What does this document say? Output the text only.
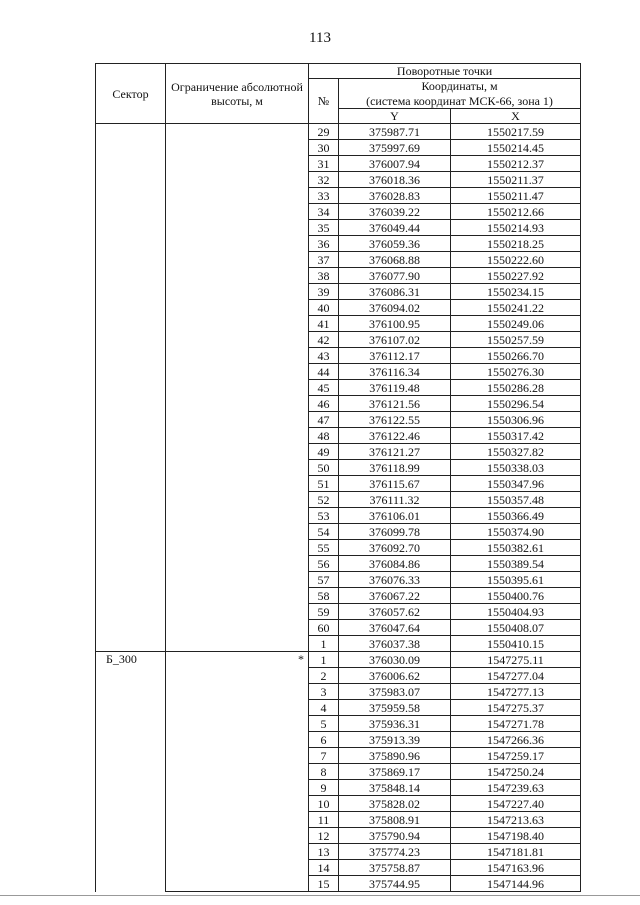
113
Сектор	Ограничение абсолютной высоты, м	Поворотные точки		
		№	Координаты, м	
			(система координат МСК-66, зона 1)	
			Y	X
		29	375987.71	1550217.59
		30	375997.69	1550214.45
		31	376007.94	1550212.37
		32	376018.36	1550211.37
		33	376028.83	1550211.47
		34	376039.22	1550212.66
		35	376049.44	1550214.93
		36	376059.36	1550218.25
		37	376068.88	1550222.60
		38	376077.90	1550227.92
		39	376086.31	1550234.15
		40	376094.02	1550241.22
		41	376100.95	1550249.06
		42	376107.02	1550257.59
		43	376112.17	1550266.70
		44	376116.34	1550276.30
		45	376119.48	1550286.28
		46	376121.56	1550296.54
		47	376122.55	1550306.96
		48	376122.46	1550317.42
		49	376121.27	1550327.82
		50	376118.99	1550338.03
		51	376115.67	1550347.96
		52	376111.32	1550357.48
		53	376106.01	1550366.49
		54	376099.78	1550374.90
		55	376092.70	1550382.61
		56	376084.86	1550389.54
		57	376076.33	1550395.61
		58	376067.22	1550400.76
		59	376057.62	1550404.93
		60	376047.64	1550408.07
		1	376037.38	1550410.15
Б_300	*	1	376030.09	1547275.11
		2	376006.62	1547277.04
		3	375983.07	1547277.13
		4	375959.58	1547275.37
		5	375936.31	1547271.78
		6	375913.39	1547266.36
		7	375890.96	1547259.17
		8	375869.17	1547250.24
		9	375848.14	1547239.63
		10	375828.02	1547227.40
		11	375808.91	1547213.63
		12	375790.94	1547198.40
		13	375774.23	1547181.81
		14	375758.87	1547163.96
		15	375744.95	1547144.96
